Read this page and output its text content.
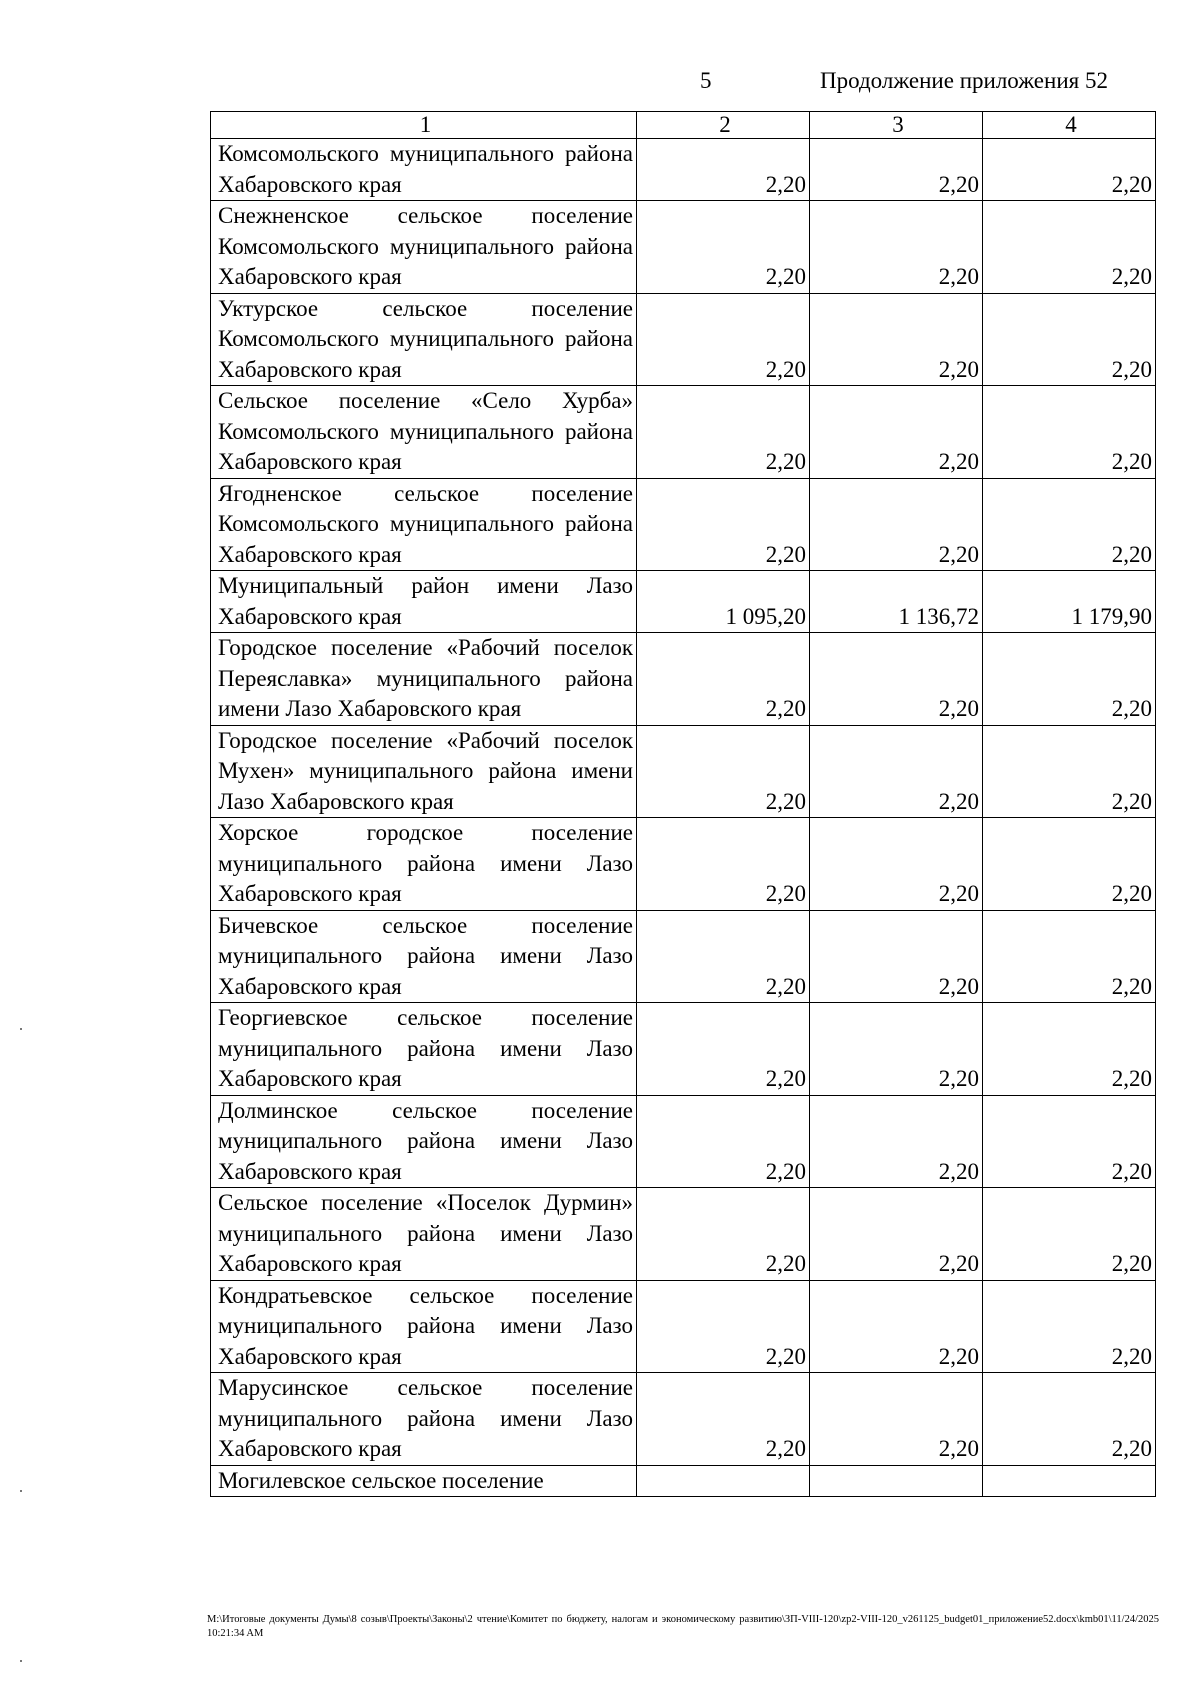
5	Продолжение приложения 52
1	2	3	4
Комсомольского муниципального района Хабаровского края	2,20	2,20	2,20
Снежненское сельское поселение Комсомольского муниципального района Хабаровского края	2,20	2,20	2,20
Уктурское сельское поселение Комсомольского муниципального района Хабаровского края	2,20	2,20	2,20
Сельское поселение «Село Хурба» Комсомольского муниципального района Хабаровского края	2,20	2,20	2,20
Ягодненское сельское поселение Комсомольского муниципального района Хабаровского края	2,20	2,20	2,20
Муниципальный район имени Лазо Хабаровского края	1 095,20	1 136,72	1 179,90
Городское поселение «Рабочий поселок Переяславка» муниципального района имени Лазо Хабаровского края	2,20	2,20	2,20
Городское поселение «Рабочий поселок Мухен» муниципального района имени Лазо Хабаровского края	2,20	2,20	2,20
Хорское городское поселение муниципального района имени Лазо Хабаровского края	2,20	2,20	2,20
Бичевское сельское поселение муниципального района имени Лазо Хабаровского края	2,20	2,20	2,20
Георгиевское сельское поселение муниципального района имени Лазо Хабаровского края	2,20	2,20	2,20
Долминское сельское поселение муниципального района имени Лазо Хабаровского края	2,20	2,20	2,20
Сельское поселение «Поселок Дурмин» муниципального района имени Лазо Хабаровского края	2,20	2,20	2,20
Кондратьевское сельское поселение муниципального района имени Лазо Хабаровского края	2,20	2,20	2,20
Марусинское сельское поселение муниципального района имени Лазо Хабаровского края	2,20	2,20	2,20
Могилевское сельское поселение			
M:\Итоговые документы Думы\8 созыв\Проекты\Законы\2 чтение\Комитет по бюджету, налогам и экономическому развитию\ЗП-VIII-120\zp2-VIII-120_v261125_budget01_приложение52.docx\kmb01\11/24/2025 10:21:34 AM
